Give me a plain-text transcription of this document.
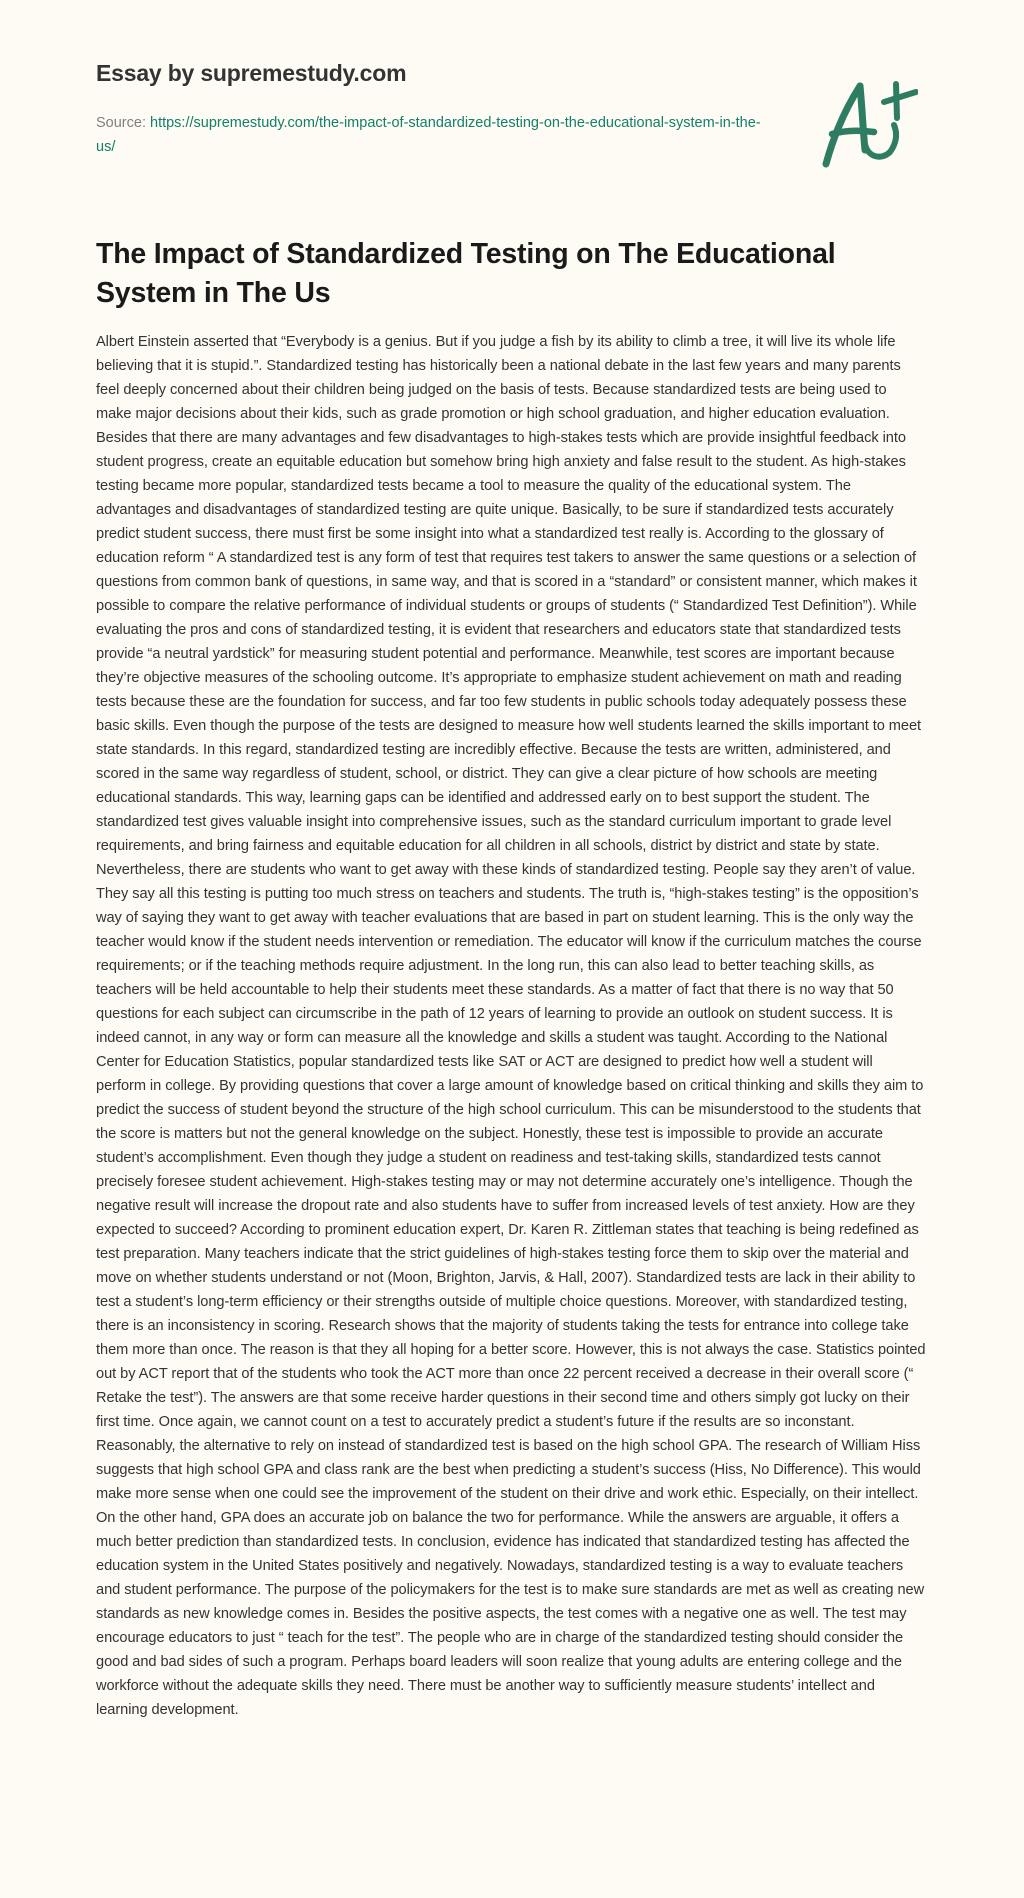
Essay by supremestudy.com
Source: https://supremestudy.com/the-impact-of-standardized-testing-on-the-educational-system-in-the-us/
The Impact of Standardized Testing on The Educational System in The Us

Albert Einstein asserted that “Everybody is a genius. But if you judge a fish by its ability to climb a tree, it will live its whole life believing that it is stupid.”. Standardized testing has historically been a national debate in the last few years and many parents feel deeply concerned about their children being judged on the basis of tests. Because standardized tests are being used to make major decisions about their kids, such as grade promotion or high school graduation, and higher education evaluation. Besides that there are many advantages and few disadvantages to high-stakes tests which are provide insightful feedback into student progress, create an equitable education but somehow bring high anxiety and false result to the student. As high-stakes testing became more popular, standardized tests became a tool to measure the quality of the educational system. The advantages and disadvantages of standardized testing are quite unique. Basically, to be sure if standardized tests accurately predict student success, there must first be some insight into what a standardized test really is. According to the glossary of education reform “ A standardized test is any form of test that requires test takers to answer the same questions or a selection of questions from common bank of questions, in same way, and that is scored in a “standard” or consistent manner, which makes it possible to compare the relative performance of individual students or groups of students (“ Standardized Test Definition”). While evaluating the pros and cons of standardized testing, it is evident that researchers and educators state that standardized tests provide “a neutral yardstick” for measuring student potential and performance. Meanwhile, test scores are important because they’re objective measures of the schooling outcome. It’s appropriate to emphasize student achievement on math and reading tests because these are the foundation for success, and far too few students in public schools today adequately possess these basic skills. Even though the purpose of the tests are designed to measure how well students learned the skills important to meet state standards. In this regard, standardized testing are incredibly effective. Because the tests are written, administered, and scored in the same way regardless of student, school, or district. They can give a clear picture of how schools are meeting educational standards. This way, learning gaps can be identified and addressed early on to best support the student. The standardized test gives valuable insight into comprehensive issues, such as the standard curriculum important to grade level requirements, and bring fairness and equitable education for all children in all schools, district by district and state by state. Nevertheless, there are students who want to get away with these kinds of standardized testing. People say they aren’t of value. They say all this testing is putting too much stress on teachers and students. The truth is, “high-stakes testing” is the opposition’s way of saying they want to get away with teacher evaluations that are based in part on student learning. This is the only way the teacher would know if the student needs intervention or remediation. The educator will know if the curriculum matches the course requirements; or if the teaching methods require adjustment. In the long run, this can also lead to better teaching skills, as teachers will be held accountable to help their students meet these standards. As a matter of fact that there is no way that 50 questions for each subject can circumscribe in the path of 12 years of learning to provide an outlook on student success. It is indeed cannot, in any way or form can measure all the knowledge and skills a student was taught. According to the National Center for Education Statistics, popular standardized tests like SAT or ACT are designed to predict how well a student will perform in college. By providing questions that cover a large amount of knowledge based on critical thinking and skills they aim to predict the success of student beyond the structure of the high school curriculum. This can be misunderstood to the students that the score is matters but not the general knowledge on the subject. Honestly, these test is impossible to provide an accurate student’s accomplishment. Even though they judge a student on readiness and test-taking skills, standardized tests cannot precisely foresee student achievement. High-stakes testing may or may not determine accurately one’s intelligence. Though the negative result will increase the dropout rate and also students have to suffer from increased levels of test anxiety. How are they expected to succeed? According to prominent education expert, Dr. Karen R. Zittleman states that teaching is being redefined as test preparation. Many teachers indicate that the strict guidelines of high-stakes testing force them to skip over the material and move on whether students understand or not (Moon, Brighton, Jarvis, & Hall, 2007). Standardized tests are lack in their ability to test a student’s long-term efficiency or their strengths outside of multiple choice questions. Moreover, with standardized testing, there is an inconsistency in scoring. Research shows that the majority of students taking the tests for entrance into college take them more than once. The reason is that they all hoping for a better score. However, this is not always the case. Statistics pointed out by ACT report that of the students who took the ACT more than once 22 percent received a decrease in their overall score (“ Retake the test”). The answers are that some receive harder questions in their second time and others simply got lucky on their first time. Once again, we cannot count on a test to accurately predict a student’s future if the results are so inconstant. Reasonably, the alternative to rely on instead of standardized test is based on the high school GPA. The research of William Hiss suggests that high school GPA and class rank are the best when predicting a student’s success (Hiss, No Difference). This would make more sense when one could see the improvement of the student on their drive and work ethic. Especially, on their intellect. On the other hand, GPA does an accurate job on balance the two for performance. While the answers are arguable, it offers a much better prediction than standardized tests. In conclusion, evidence has indicated that standardized testing has affected the education system in the United States positively and negatively. Nowadays, standardized testing is a way to evaluate teachers and student performance. The purpose of the policymakers for the test is to make sure standards are met as well as creating new standards as new knowledge comes in. Besides the positive aspects, the test comes with a negative one as well. The test may encourage educators to just “ teach for the test”. The people who are in charge of the standardized testing should consider the good and bad sides of such a program. Perhaps board leaders will soon realize that young adults are entering college and the workforce without the adequate skills they need. There must be another way to sufficiently measure students’ intellect and learning development.
